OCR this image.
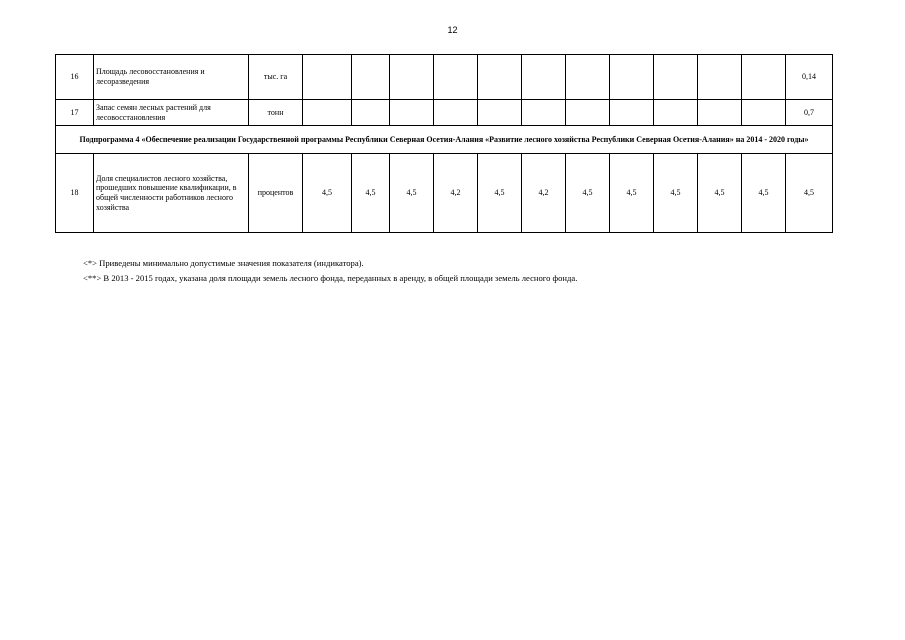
12
16	Площадь лесовосстановления и лесоразведения	тыс. га												0,14
17	Запас семян лесных растений для лесовосстановления	тонн												0,7
Подпрограмма 4 «Обеспечение реализации Государственной программы Республики Северная Осетия-Алания «Развитие лесного хозяйства Республики Северная Осетия-Алания» на 2014 - 2020 годы»														
18	Доля специалистов лесного хозяйства, прошедших повышение квалификации, в общей численности работников лесного хозяйства	процентов	4,5	4,5	4,5	4,2	4,5	4,2	4,5	4,5	4,5	4,5	4,5	4,5
<*> Приведены минимально допустимые значения показателя (индикатора).
<**> В 2013 - 2015 годах, указана доля площади земель лесного фонда, переданных в аренду, в общей площади земель лесного фонда.
